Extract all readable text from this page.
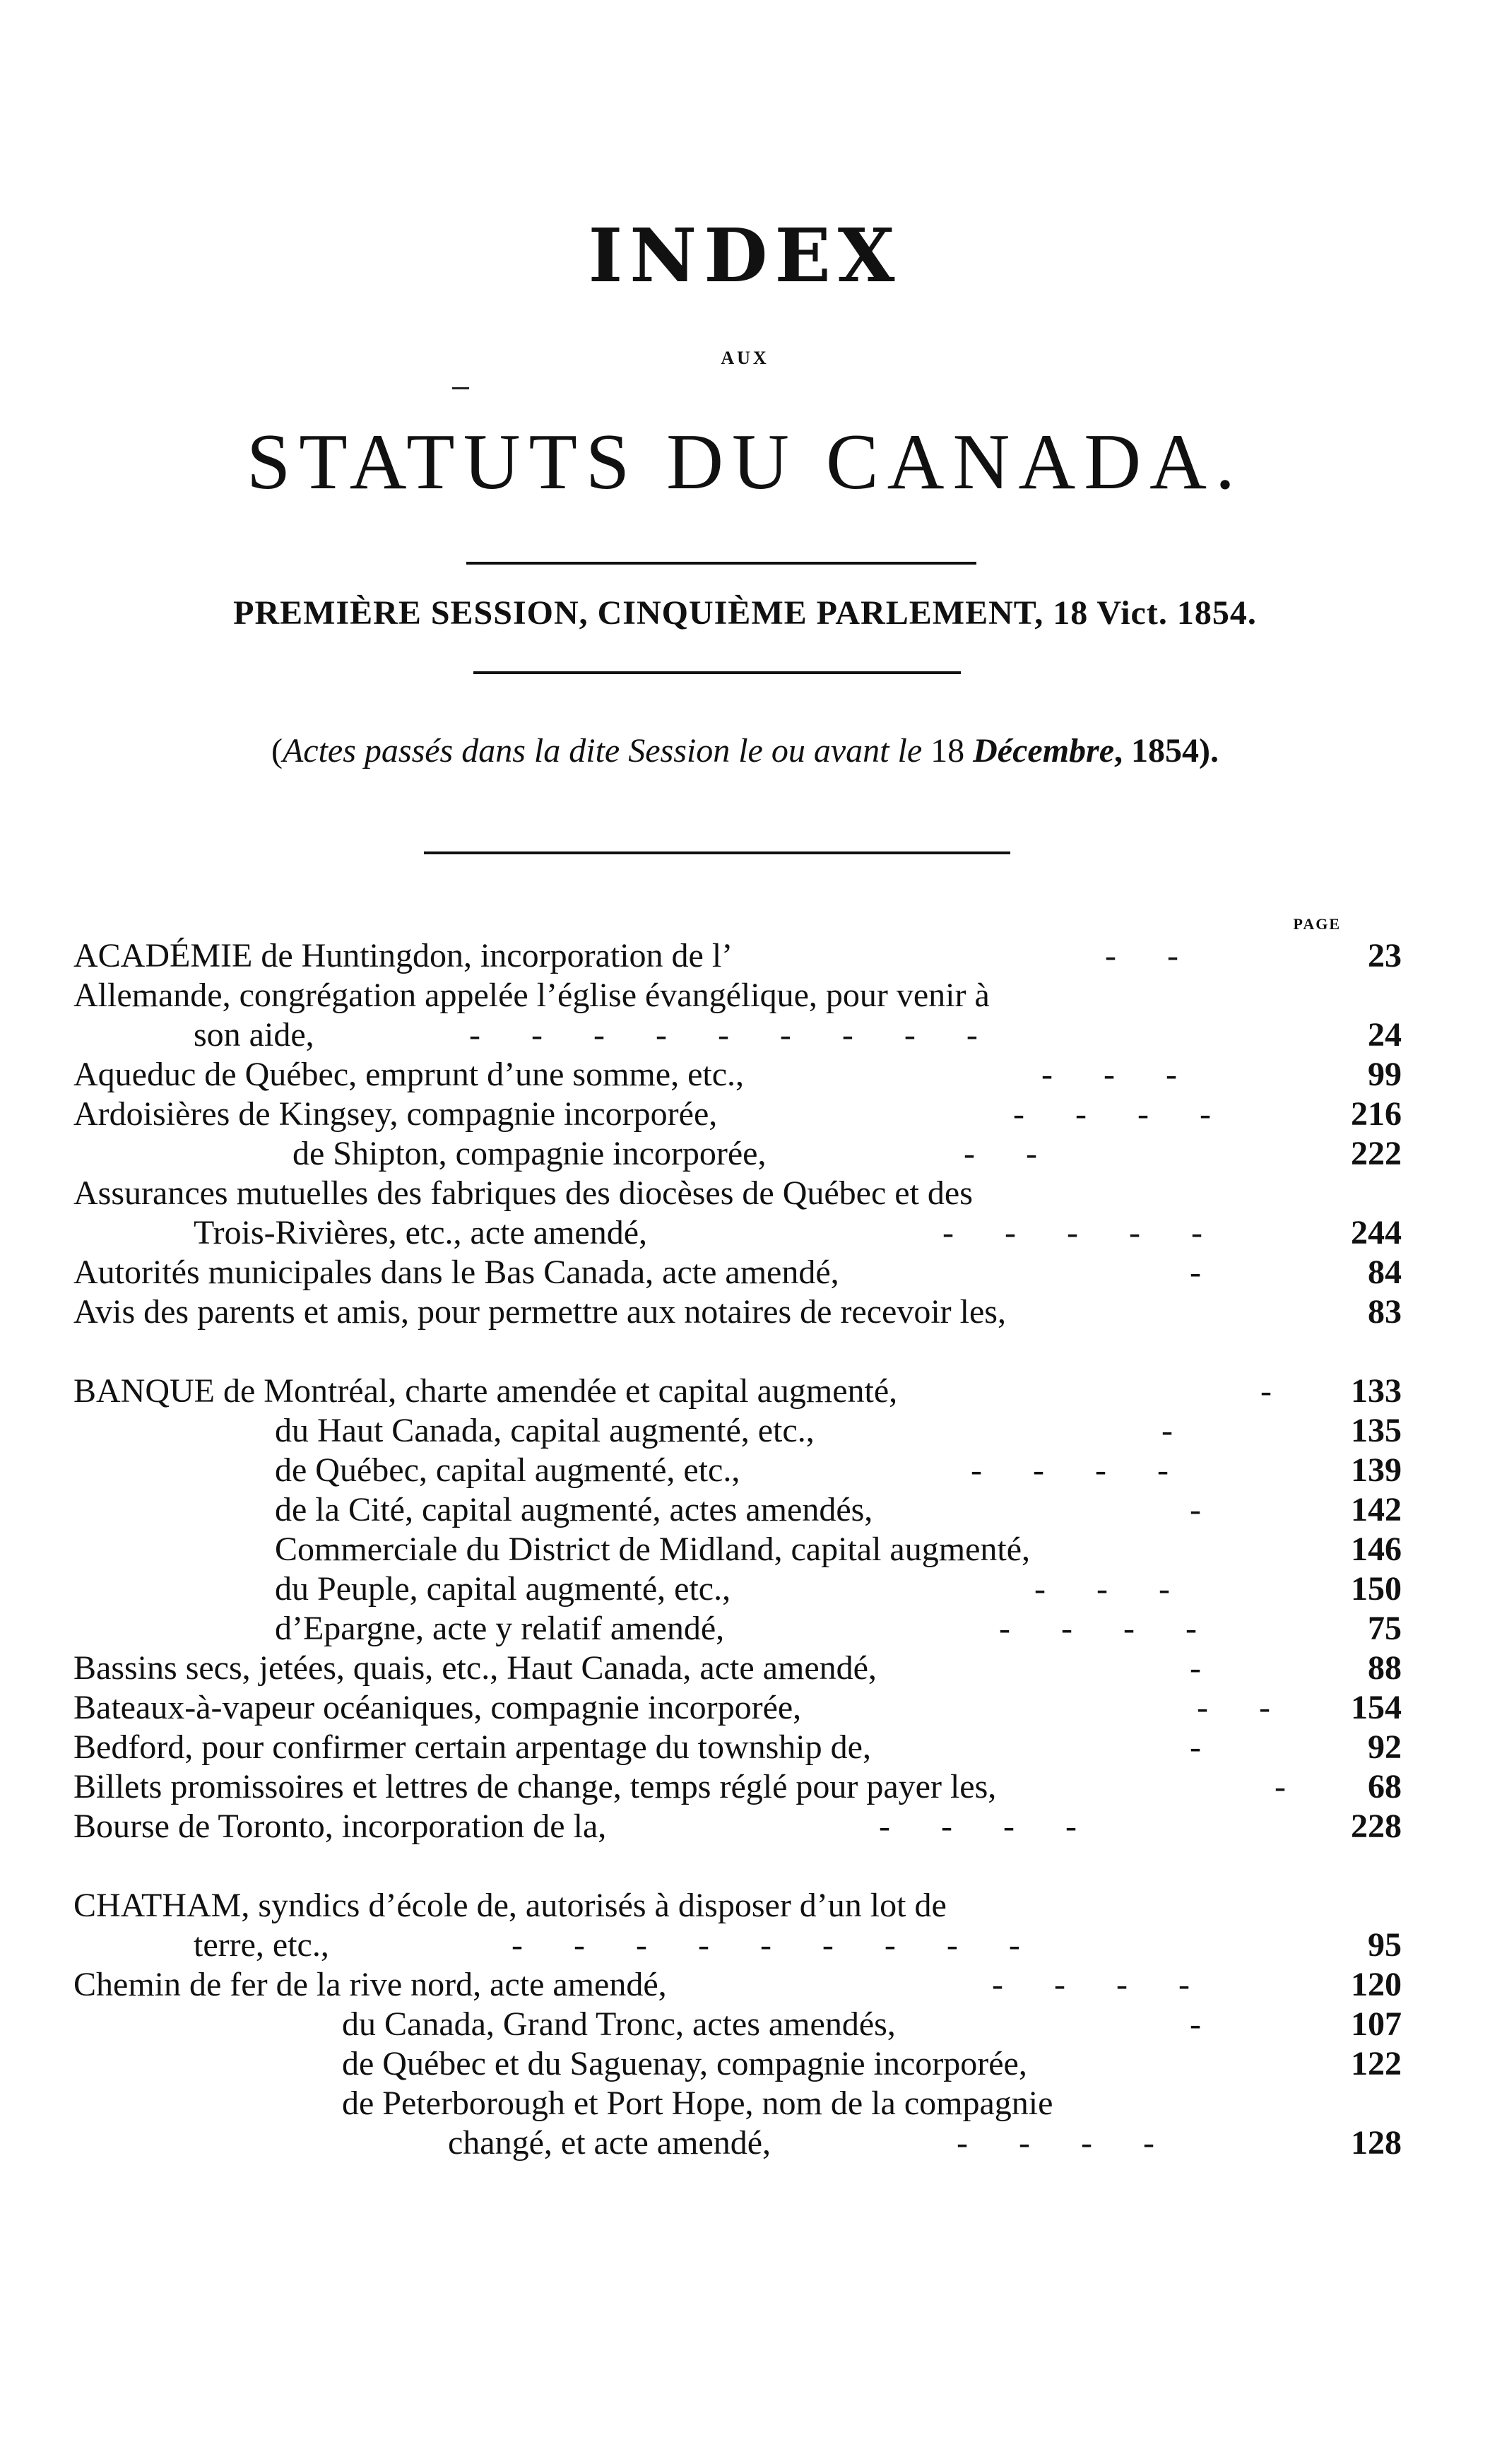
INDEX
AUX
STATUTS DU CANADA.
PREMIÈRE SESSION, CINQUIÈME PARLEMENT, 18 Vict. 1854.
(Actes passés dans la dite Session le ou avant le 18 Décembre, 1854).
PAGE
ACADÉMIE de Huntingdon, incorporation de l’	-      -	23
Allemande, congrégation appelée l’église évangélique, pour venir à
son aide,	-      -      -      -      -      -      -      -      -	24
Aqueduc de Québec, emprunt d’une somme, etc.,	-      -      -	99
Ardoisières de Kingsey, compagnie incorporée,	-      -      -      -	216
de Shipton, compagnie incorporée,	-      -	222
Assurances mutuelles des fabriques des diocèses de Québec et des
Trois-Rivières, etc., acte amendé,	-      -      -      -      -	244
Autorités municipales dans le Bas Canada, acte amendé,	-	84
Avis des parents et amis, pour permettre aux notaires de recevoir les,	83
BANQUE de Montréal, charte amendée et capital augmenté,	-	133
du Haut Canada, capital augmenté, etc.,	-	135
de Québec, capital augmenté, etc.,	-      -      -      -	139
de la Cité, capital augmenté, actes amendés,	-	142
Commerciale du District de Midland, capital augmenté,	146
du Peuple, capital augmenté, etc.,	-      -      -	150
d’Epargne, acte y relatif amendé,	-      -      -      -	75
Bassins secs, jetées, quais, etc., Haut Canada, acte amendé,	-	88
Bateaux-à-vapeur océaniques, compagnie incorporée,	-      -	154
Bedford, pour confirmer certain arpentage du township de,	-	92
Billets promissoires et lettres de change, temps réglé pour payer les,	-	68
Bourse de Toronto, incorporation de la,	-      -      -      -	228
CHATHAM, syndics d’école de, autorisés à disposer d’un lot de
terre, etc.,	-      -      -      -      -      -      -      -      -	95
Chemin de fer de la rive nord, acte amendé,	-      -      -      -	120
du Canada, Grand Tronc, actes amendés,	-	107
de Québec et du Saguenay, compagnie incorporée,	122
de Peterborough et Port Hope, nom de la compagnie
changé, et acte amendé,	-      -      -      -	128
